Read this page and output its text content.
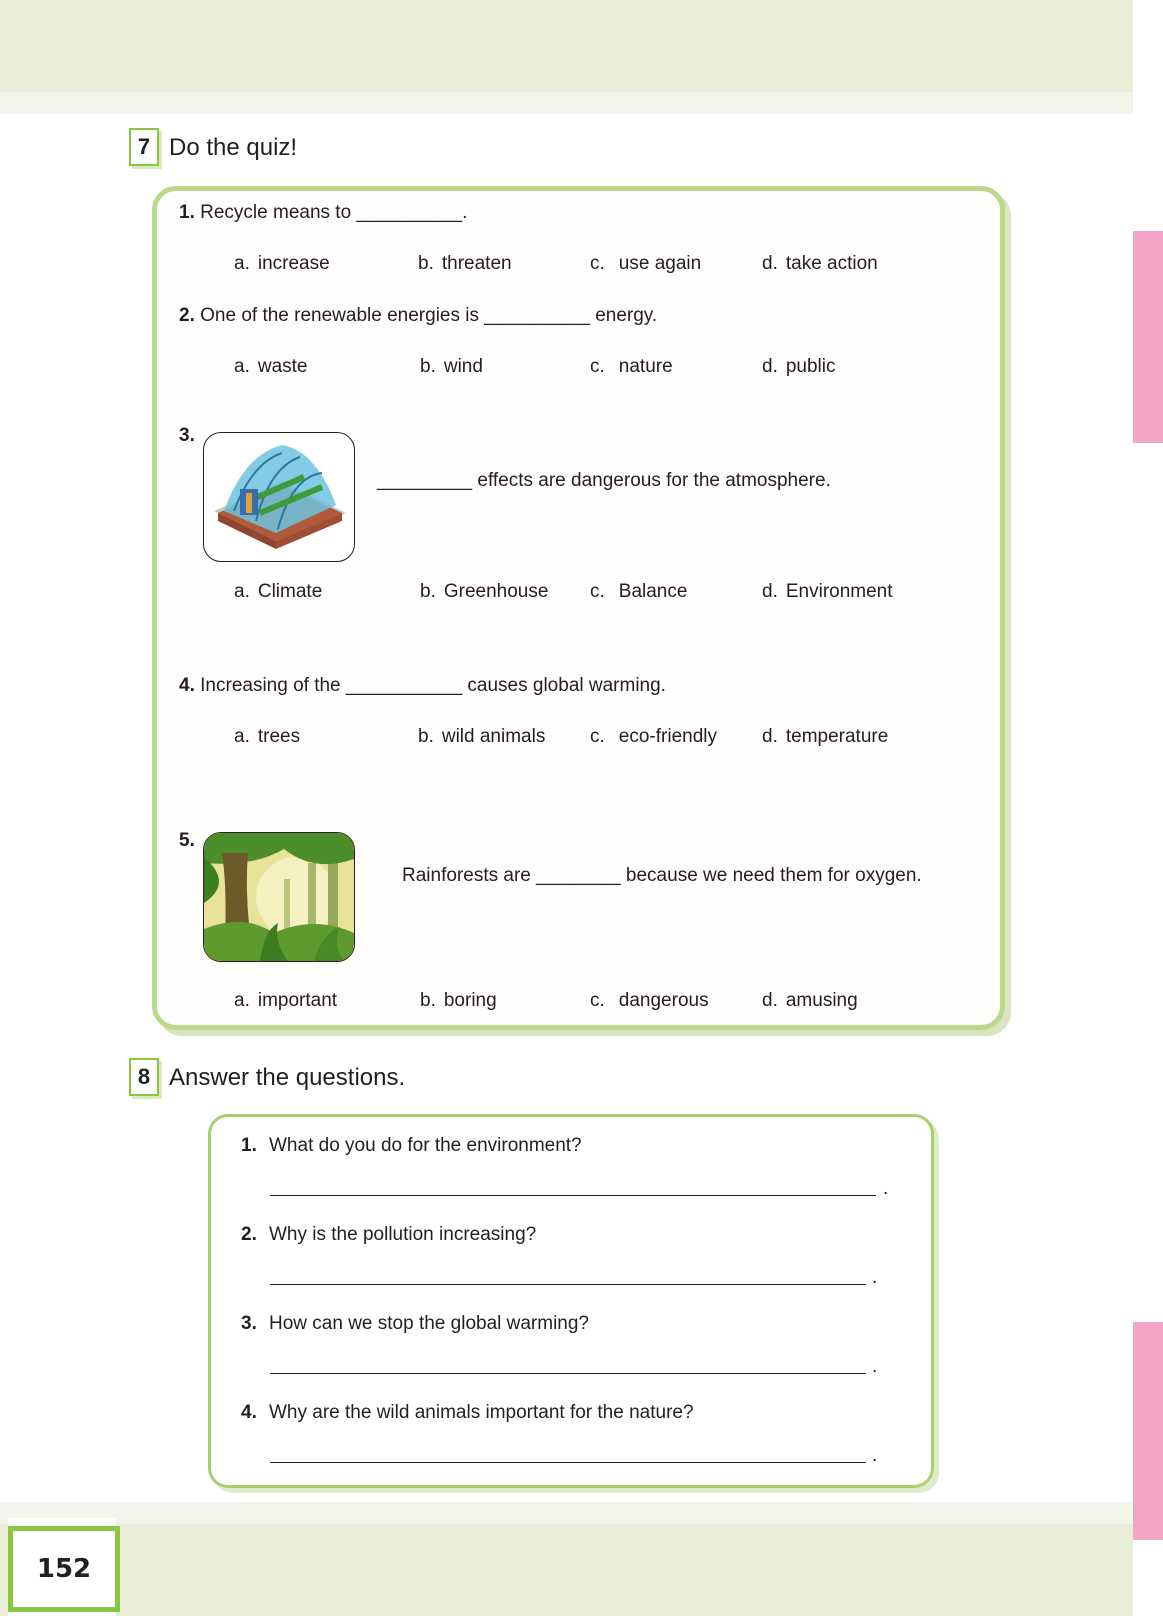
152
7 Do the quiz!
1. Recycle means to __________.
a. increase	b. threaten	c. use again	d. take action
2. One of the renewable energies is __________ energy.
a. waste	b. wind	c. nature	d. public
3.
_________ effects are dangerous for the atmosphere.
a. Climate	b. Greenhouse c. Balance	d. Environment
4. Increasing of the ___________ causes global warming.
a. trees	b. wild animals c. eco-friendly d. temperature
5.
Rainforests are ________ because we need them for oxygen.
a. important	b. boring	c. dangerous	d. amusing
8 Answer the questions.
1. What do you do for the environment?
.
2. Why is the pollution increasing?
.
3. How can we stop the global warming?
.
4. Why are the wild animals important for the nature?
.
